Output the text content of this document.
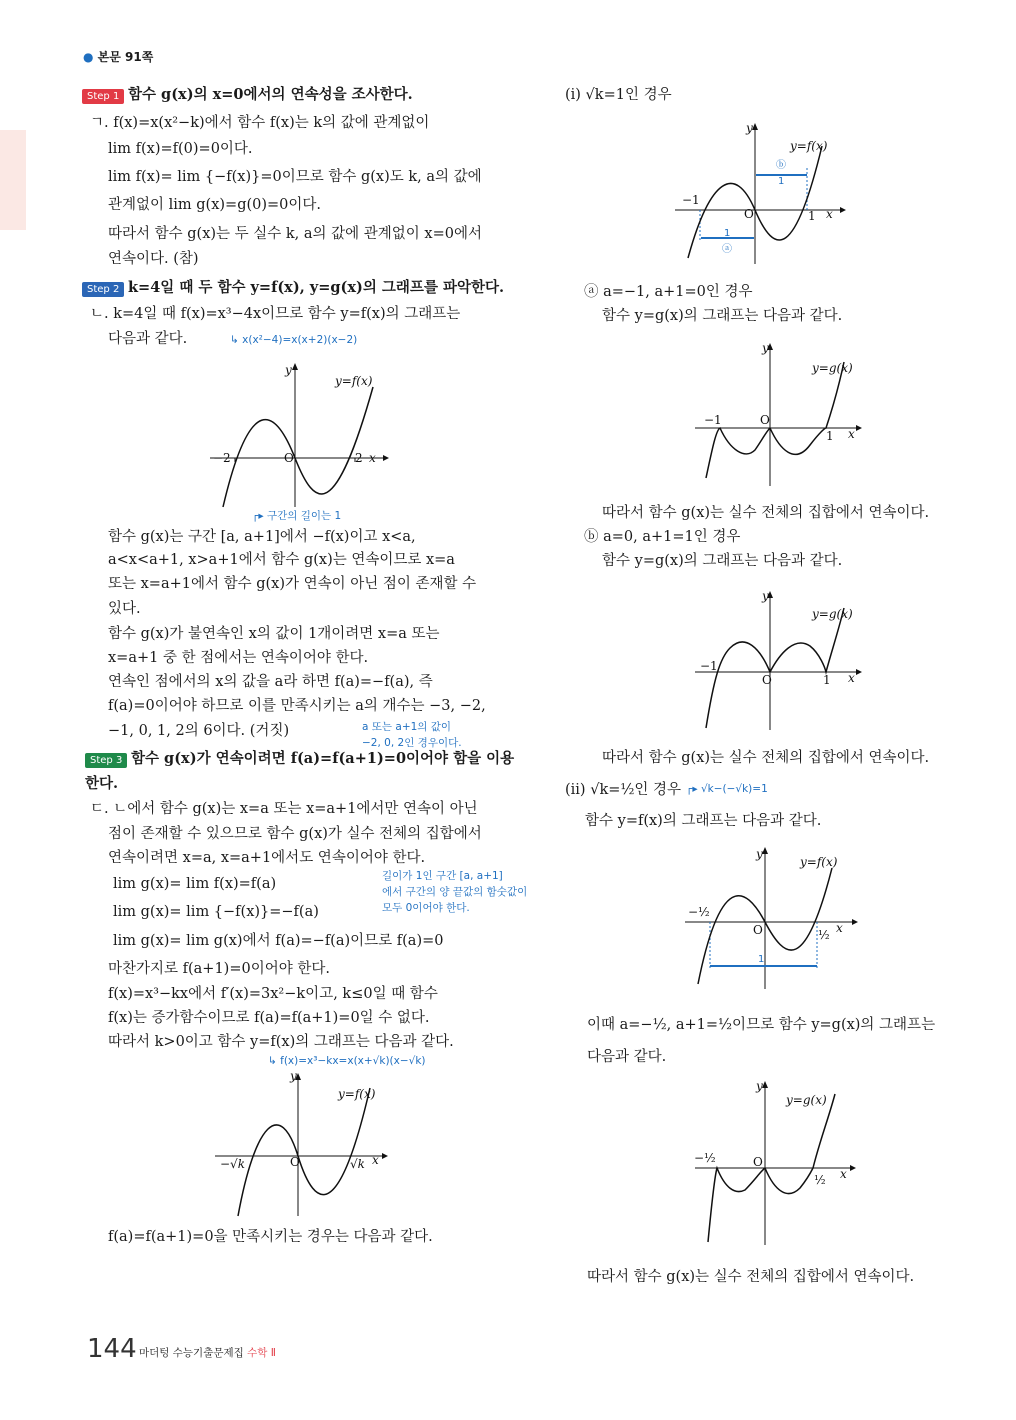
● 본문 91쪽
Step 1 함수 g(x)의 x=0에서의 연속성을 조사한다.
ㄱ. f(x)=x(x²−k)에서 함수 f(x)는 k의 값에 관계없이
lim f(x)=f(0)=0이다.
lim f(x)= lim {−f(x)}=0이므로 함수 g(x)도 k, a의 값에
관계없이 lim g(x)=g(0)=0이다.
따라서 함수 g(x)는 두 실수 k, a의 값에 관계없이 x=0에서
연속이다. (참)
Step 2 k=4일 때 두 함수 y=f(x), y=g(x)의 그래프를 파악한다.
ㄴ. k=4일 때 f(x)=x³−4x이므로 함수 y=f(x)의 그래프는
다음과 같다.	↳ x(x²−4)=x(x+2)(x−2)
y
y=f(x)
−2	O	2 x
┌▸ 구간의 길이는 1
함수 g(x)는 구간 [a, a+1]에서 −f(x)이고 x<a,
a<x<a+1, x>a+1에서 함수 g(x)는 연속이므로 x=a
또는 x=a+1에서 함수 g(x)가 연속이 아닌 점이 존재할 수
있다.
함수 g(x)가 불연속인 x의 값이 1개이려면 x=a 또는
x=a+1 중 한 점에서는 연속이어야 한다.
연속인 점에서의 x의 값을 a라 하면 f(a)=−f(a), 즉
f(a)=0이어야 하므로 이를 만족시키는 a의 개수는 −3, −2,
−1, 0, 1, 2의 6이다. (거짓)	a 또는 a+1의 값이
−2, 0, 2인 경우이다.
Step 3 함수 g(x)가 연속이려면 f(a)=f(a+1)=0이어야 함을 이용
한다.
ㄷ. ㄴ에서 함수 g(x)는 x=a 또는 x=a+1에서만 연속이 아닌
점이 존재할 수 있으므로 함수 g(x)가 실수 전체의 집합에서
연속이려면 x=a, x=a+1에서도 연속이어야 한다.
lim g(x)= lim f(x)=f(a)
lim g(x)= lim {−f(x)}=−f(a)
lim g(x)= lim g(x)에서 f(a)=−f(a)이므로 f(a)=0
길이가 1인 구간 [a, a+1]
에서 구간의 양 끝값의 함숫값이
모두 0이어야 한다.
마찬가지로 f(a+1)=0이어야 한다.
f(x)=x³−kx에서 f′(x)=3x²−k이고, k≤0일 때 함수
f(x)는 증가함수이므로 f(a)=f(a+1)=0일 수 없다.
따라서 k>0이고 함수 y=f(x)의 그래프는 다음과 같다.
↳ f(x)=x³−kx=x(x+√k)(x−√k)
y
y=f(x)
−√k	O	√k x
f(a)=f(a+1)=0을 만족시키는 경우는 다음과 같다.
(i) √k=1인 경우
y
y=f(x)
−1
O	1 x
ⓑ
1
1
ⓐ
ⓐ a=−1, a+1=0인 경우
함수 y=g(x)의 그래프는 다음과 같다.
y
y=g(x)
−1	O
1 x
따라서 함수 g(x)는 실수 전체의 집합에서 연속이다.
ⓑ a=0, a+1=1인 경우
함수 y=g(x)의 그래프는 다음과 같다.
y
y=g(x)
−1
O	1 x
따라서 함수 g(x)는 실수 전체의 집합에서 연속이다.
(ii) √k=½인 경우 ┌▸ √k−(−√k)=1
함수 y=f(x)의 그래프는 다음과 같다.
y
y=f(x)
−½
O	½ x
1
이때 a=−½, a+1=½이므로 함수 y=g(x)의 그래프는
다음과 같다.
y
y=g(x)
−½	O
½ x
따라서 함수 g(x)는 실수 전체의 집합에서 연속이다.
144 마더텅 수능기출문제집 수학 Ⅱ
